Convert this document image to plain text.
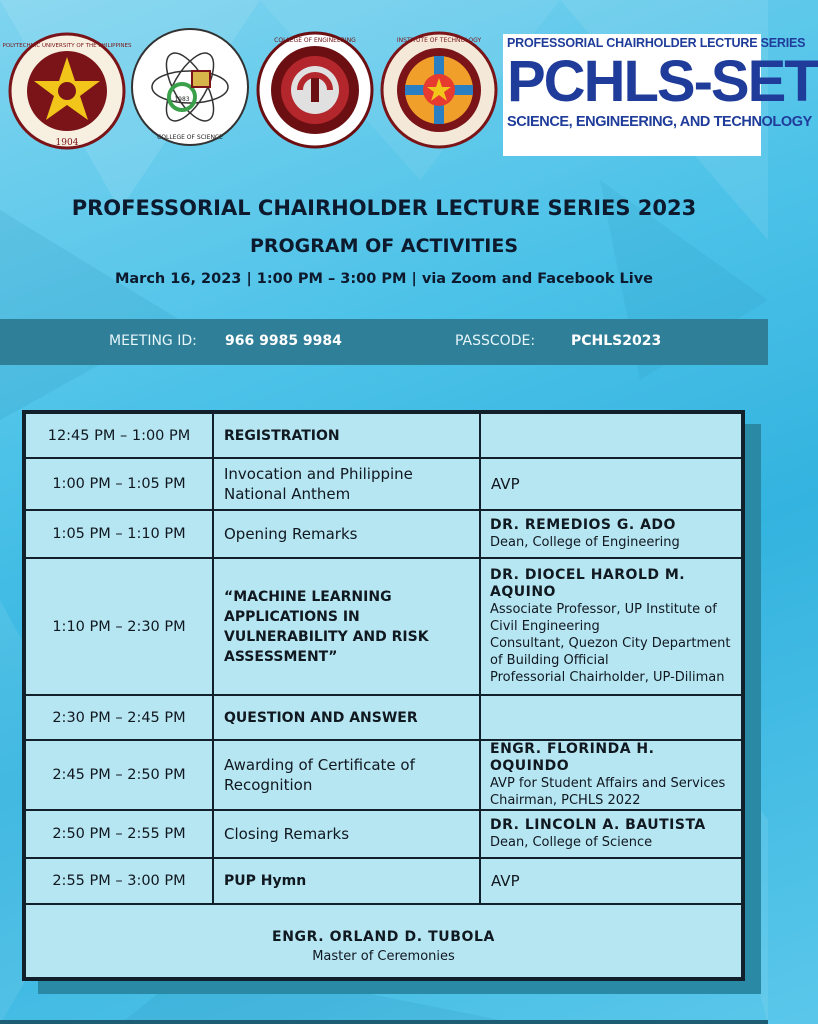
1904
POLYTECHNIC UNIVERSITY OF THE PHILIPPINES
1983
COLLEGE OF SCIENCE
COLLEGE OF ENGINEERING	INSTITUTE OF TECHNOLOGY PROFESSORIAL CHAIRHOLDER LECTURE SERIES
PCHLS-SET
SCIENCE, ENGINEERING, AND TECHNOLOGY
PROFESSORIAL CHAIRHOLDER LECTURE SERIES 2023
PROGRAM OF ACTIVITIES
March 16, 2023 | 1:00 PM – 3:00 PM | via Zoom and Facebook Live
MEETING ID: 966 9985 9984	PASSCODE:	PCHLS2023
12:45 PM – 1:00 PM	REGISTRATION	
1:00 PM – 1:05 PM	Invocation and Philippine National Anthem	AVP
1:05 PM – 1:10 PM	Opening Remarks	DR. REMEDIOS G. ADO
Dean, College of Engineering

1:10 PM – 2:30 PM	“MACHINE LEARNING APPLICATIONS IN VULNERABILITY AND RISK ASSESSMENT”	DR. DIOCEL HAROLD M. AQUINO
Associate Professor, UP Institute of Civil Engineering
Consultant, Quezon City Department of Building Official
Professorial Chairholder, UP-Diliman

2:30 PM – 2:45 PM	QUESTION AND ANSWER	
2:45 PM – 2:50 PM	Awarding of Certificate of Recognition	ENGR. FLORINDA H. OQUINDO
AVP for Student Affairs and Services
Chairman, PCHLS 2022

2:50 PM – 2:55 PM	Closing Remarks	DR. LINCOLN A. BAUTISTA
Dean, College of Science

2:55 PM – 3:00 PM	PUP Hymn	AVP

ENGR. ORLAND D. TUBOLA
Master of Ceremonies		
